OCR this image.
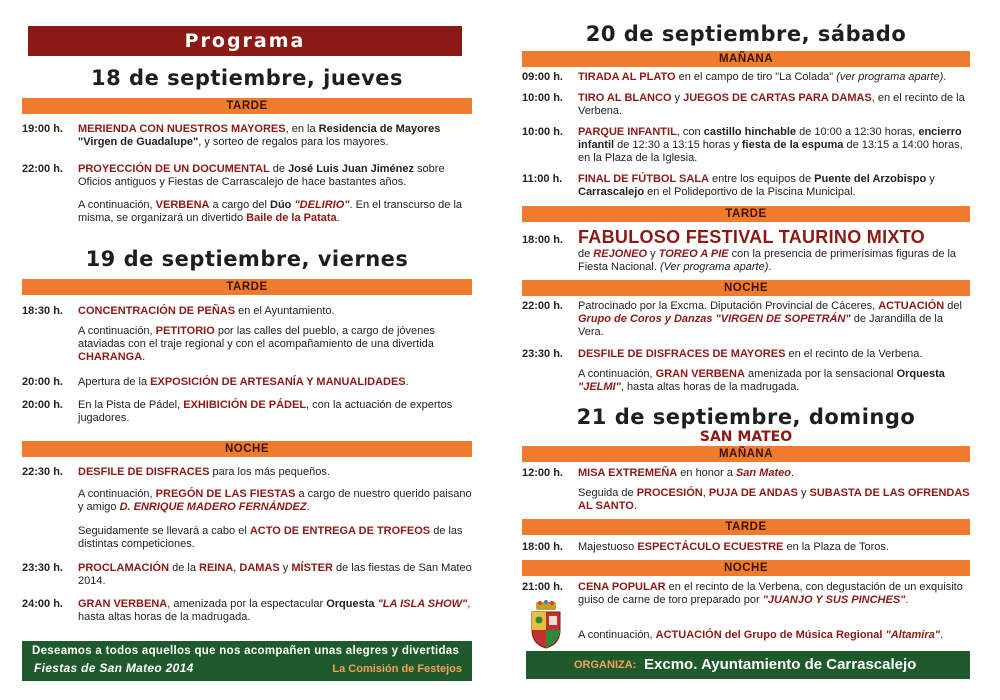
Programa
18 de septiembre, jueves
TARDE
19:00 h.	MERIENDA CON NUESTROS MAYORES, en la Residencia de Mayores "Virgen de Guadalupe", y sorteo de regalos para los mayores.
22:00 h.	PROYECCIÓN DE UN DOCUMENTAL de José Luis Juan Jiménez sobre Oficios antiguos y Fiestas de Carrascalejo de hace bastantes años.
A continuación, VERBENA a cargo del Dúo "DELIRIO". En el transcurso de la misma, se organizará un divertido Baile de la Patata.
19 de septiembre, viernes
TARDE
18:30 h.	CONCENTRACIÓN DE PEÑAS en el Ayuntamiento.
A continuación, PETITORIO por las calles del pueblo, a cargo de jóvenes ataviadas con el traje regional y con el acompañamiento de una divertida CHARANGA.
20:00 h.	Apertura de la EXPOSICIÓN DE ARTESANÍA Y MANUALIDADES.
20:00 h.	En la Pista de Pádel, EXHIBICIÓN DE PÁDEL, con la actuación de expertos jugadores.
NOCHE
22:30 h.	DESFILE DE DISFRACES para los más pequeños.
A continuación, PREGÓN DE LAS FIESTAS a cargo de nuestro querido paisano y amigo D. ENRIQUE MADERO FERNÁNDEZ.
Seguidamente se llevará a cabo el ACTO DE ENTREGA DE TROFEOS de las distintas competiciones.
23:30 h.	PROCLAMACIÓN de la REINA, DAMAS y MÍSTER de las fiestas de San Mateo 2014.
24:00 h.	GRAN VERBENA, amenizada por la espectacular Orquesta "LA ISLA SHOW", hasta altas horas de la madrugada.
Deseamos a todos aquellos que nos acompañen unas alegres y divertidas
Fiestas de San Mateo 2014	La Comisión de Festejos
20 de septiembre, sábado
MAÑANA
09:00 h.	TIRADA AL PLATO en el campo de tiro "La Colada" (ver programa aparte).
10:00 h.	TIRO AL BLANCO y JUEGOS DE CARTAS PARA DAMAS, en el recinto de la Verbena.
10:00 h.	PARQUE INFANTIL, con castillo hinchable de 10:00 a 12:30 horas, encierro infantil de 12:30 a 13:15 horas y fiesta de la espuma de 13:15 a 14:00 horas, en la Plaza de la Iglesia.
11:00 h.	FINAL DE FÚTBOL SALA entre los equipos de Puente del Arzobispo y Carrascalejo en el Polideportivo de la Piscina Municipal.
TARDE
18:00 h. FABULOSO FESTIVAL TAURINO MIXTO
de REJONEO y TOREO A PIE con la presencia de primerísimas figuras de la Fiesta Nacional. (Ver programa aparte).
NOCHE
22:00 h.	Patrocinado por la Excma. Diputación Provincial de Cáceres, ACTUACIÓN del Grupo de Coros y Danzas "VIRGEN DE SOPETRÁN" de Jarandilla de la Vera.
23:30 h.	DESFILE DE DISFRACES DE MAYORES en el recinto de la Verbena.
A continuación, GRAN VERBENA amenizada por la sensacional Orquesta "JELMI", hasta altas horas de la madrugada.
21 de septiembre, domingo
SAN MATEO
MAÑANA
12:00 h.	MISA EXTREMEÑA en honor a San Mateo.
Seguida de PROCESIÓN, PUJA DE ANDAS y SUBASTA DE LAS OFRENDAS AL SANTO.
TARDE
18:00 h.	Majestuoso ESPECTÁCULO ECUESTRE en la Plaza de Toros.
NOCHE
21:00 h.	CENA POPULAR en el recinto de la Verbena, con degustación de un exquisito guiso de carne de toro preparado por "JUANJO Y SUS PINCHES".
A continuación, ACTUACIÓN del Grupo de Música Regional "Altamira".
ORGANIZA: Excmo. Ayuntamiento de Carrascalejo
